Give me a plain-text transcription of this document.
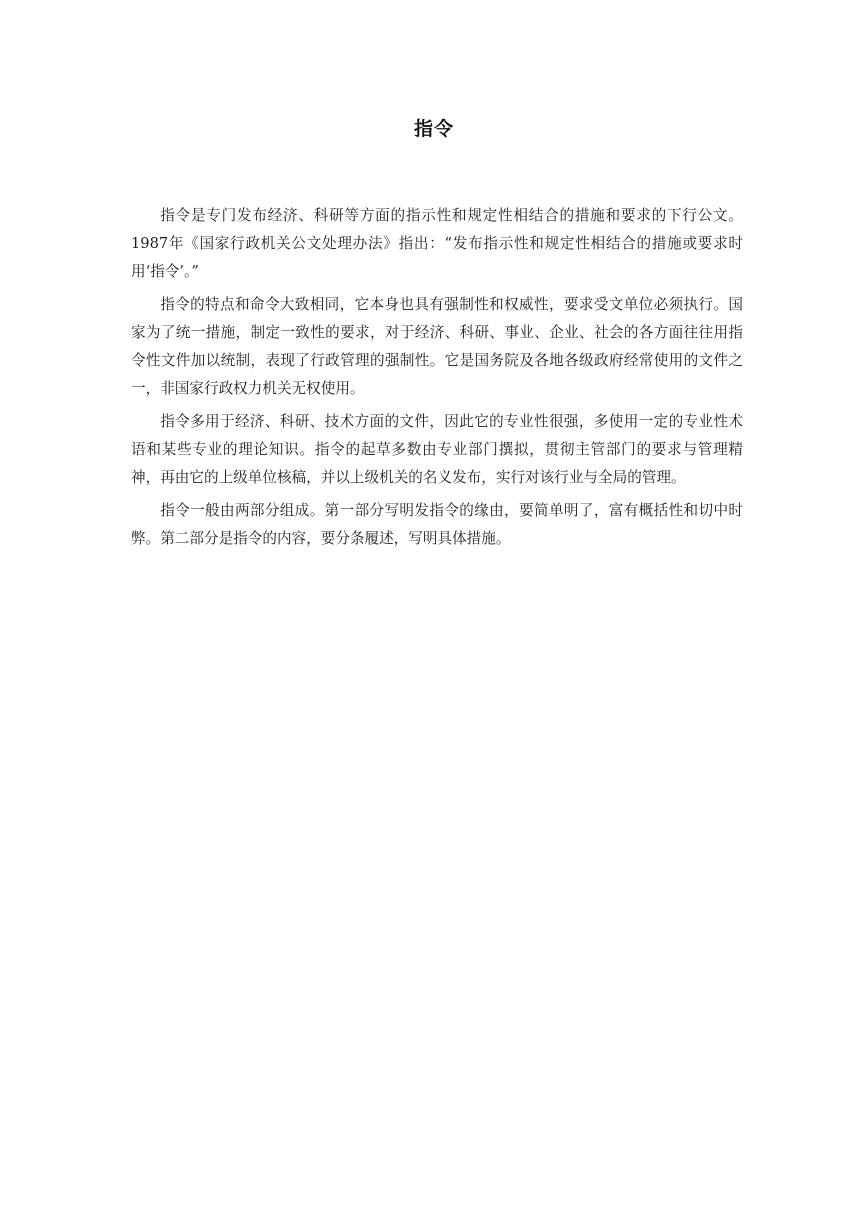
指令

指令是专门发布经济、科研等方面的指示性和规定性相结合的措施和要求的下行公文。1987年《国家行政机关公文处理办法》指出：“发布指示性和规定性相结合的措施或要求时用‘指令’。”

指令的特点和命令大致相同，它本身也具有强制性和权威性，要求受文单位必须执行。国家为了统一措施，制定一致性的要求，对于经济、科研、事业、企业、社会的各方面往往用指令性文件加以统制，表现了行政管理的强制性。它是国务院及各地各级政府经常使用的文件之一，非国家行政权力机关无权使用。

指令多用于经济、科研、技术方面的文件，因此它的专业性很强，多使用一定的专业性术语和某些专业的理论知识。指令的起草多数由专业部门撰拟，贯彻主管部门的要求与管理精神，再由它的上级单位核稿，并以上级机关的名义发布，实行对该行业与全局的管理。

指令一般由两部分组成。第一部分写明发指令的缘由，要简单明了，富有概括性和切中时弊。第二部分是指令的内容，要分条履述，写明具体措施。
